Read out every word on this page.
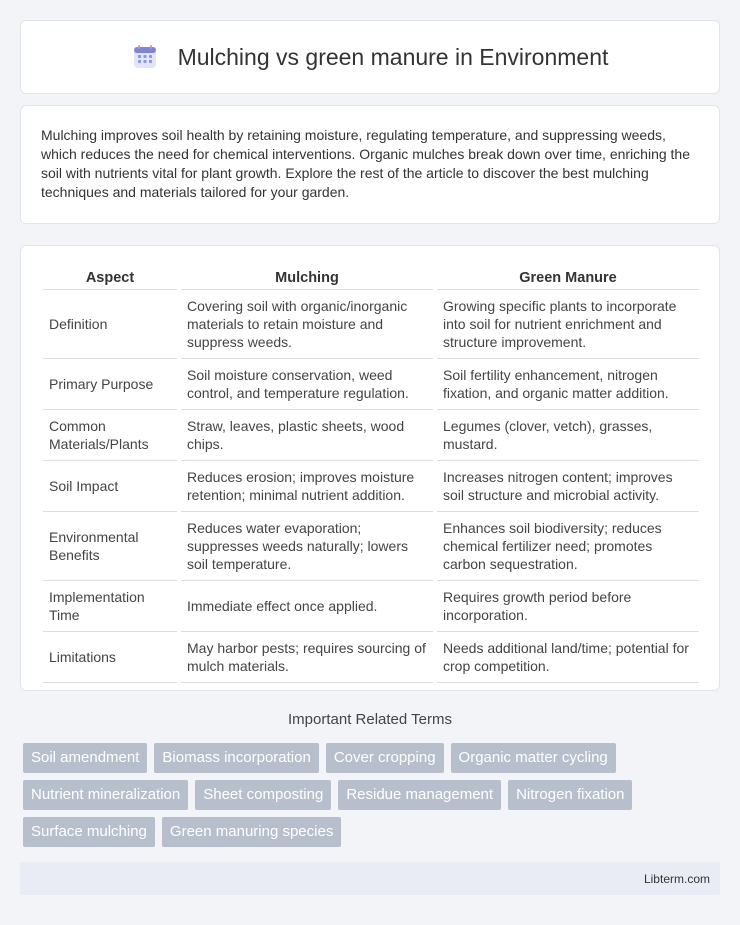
Mulching vs green manure in Environment

Mulching improves soil health by retaining moisture, regulating temperature, and suppressing weeds, which reduces the need for chemical interventions. Organic mulches break down over time, enriching the soil with nutrients vital for plant growth. Explore the rest of the article to discover the best mulching techniques and materials tailored for your garden.

Aspect	Mulching	Green Manure
Definition	Covering soil with organic/inorganic materials to retain moisture and suppress weeds.	Growing specific plants to incorporate into soil for nutrient enrichment and structure improvement.
Primary Purpose	Soil moisture conservation, weed control, and temperature regulation.	Soil fertility enhancement, nitrogen fixation, and organic matter addition.
Common Materials/Plants	Straw, leaves, plastic sheets, wood chips.	Legumes (clover, vetch), grasses, mustard.
Soil Impact	Reduces erosion; improves moisture retention; minimal nutrient addition.	Increases nitrogen content; improves soil structure and microbial activity.
Environmental Benefits	Reduces water evaporation; suppresses weeds naturally; lowers soil temperature.	Enhances soil biodiversity; reduces chemical fertilizer need; promotes carbon sequestration.
Implementation Time	Immediate effect once applied.	Requires growth period before incorporation.
Limitations	May harbor pests; requires sourcing of mulch materials.	Needs additional land/time; potential for crop competition.
Important Related Terms
Soil amendment	Biomass incorporation	Cover cropping	Organic matter cycling
Nutrient mineralization	Sheet composting	Residue management	Nitrogen fixation
Surface mulching	Green manuring species
Libterm.com
